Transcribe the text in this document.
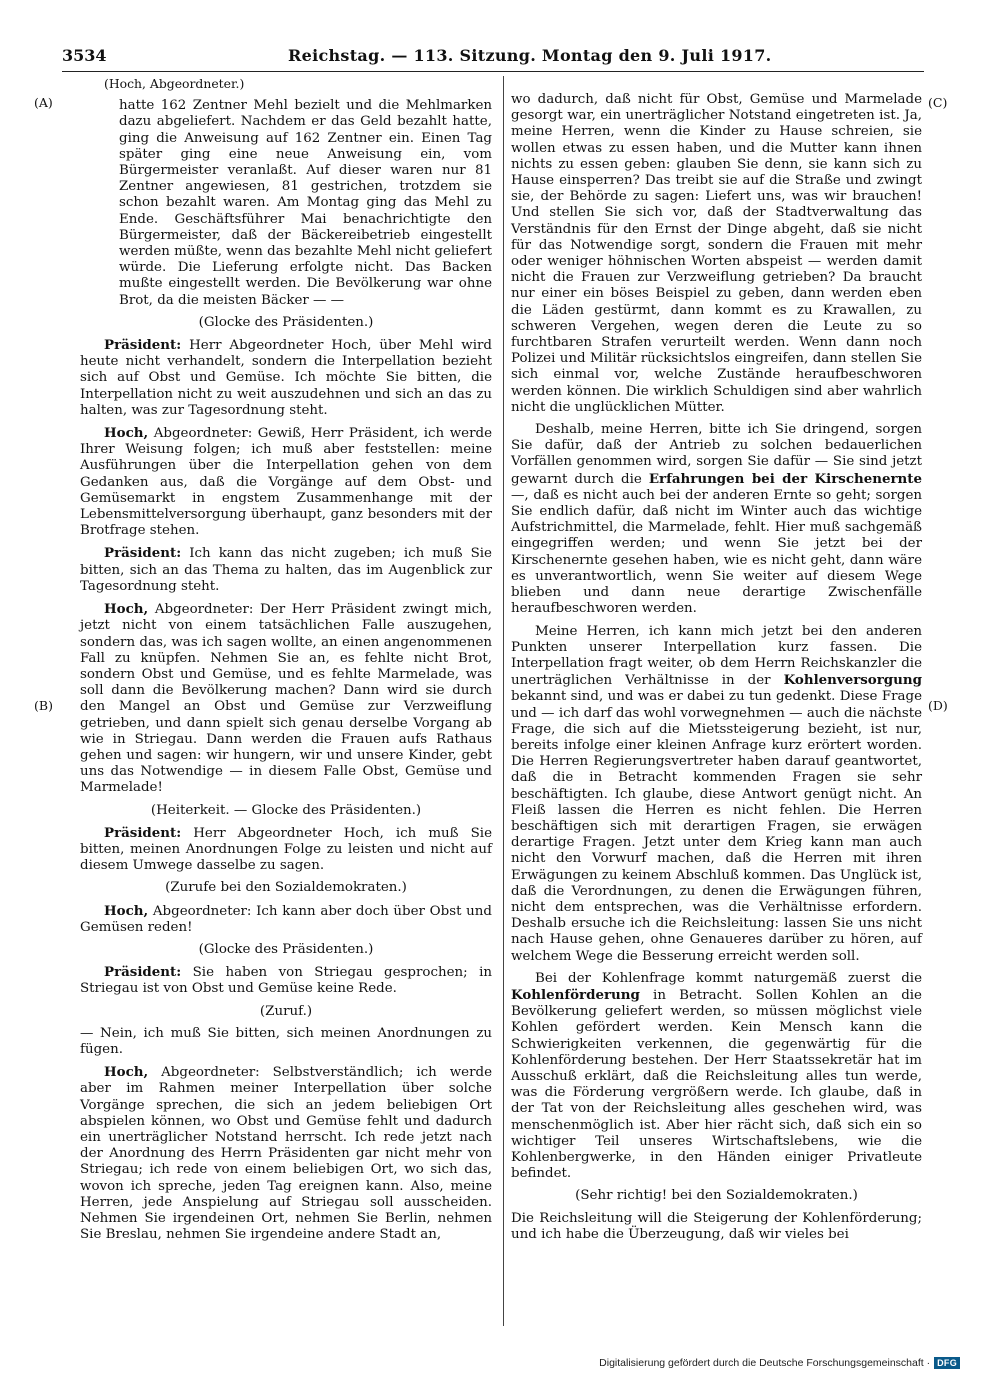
3534	Reichstag. — 113. Sitzung. Montag den 9. Juli 1917.
(A)
(B)
(C)
(D)

(Hoch, Abgeordneter.)

hatte 162 Zentner Mehl bezielt und die Mehlmarken dazu abgeliefert. Nachdem er das Geld bezahlt hatte, ging die Anweisung auf 162 Zentner ein. Einen Tag später ging eine neue Anweisung ein, vom Bürgermeister veranlaßt. Auf dieser waren nur 81 Zentner angewiesen, 81 gestrichen, trotzdem sie schon bezahlt waren. Am Montag ging das Mehl zu Ende. Geschäftsführer Mai benachrichtigte den Bürgermeister, daß der Bäckereibetrieb eingestellt werden müßte, wenn das bezahlte Mehl nicht geliefert würde. Die Lieferung erfolgte nicht. Das Backen mußte eingestellt werden. Die Bevölkerung war ohne Brot, da die meisten Bäcker — —

(Glocke des Präsidenten.)

Präsident: Herr Abgeordneter Hoch, über Mehl wird heute nicht verhandelt, sondern die Interpellation bezieht sich auf Obst und Gemüse. Ich möchte Sie bitten, die Interpellation nicht zu weit auszudehnen und sich an das zu halten, was zur Tagesordnung steht.

Hoch, Abgeordneter: Gewiß, Herr Präsident, ich werde Ihrer Weisung folgen; ich muß aber feststellen: meine Ausführungen über die Interpellation gehen von dem Gedanken aus, daß die Vorgänge auf dem Obst- und Gemüsemarkt in engstem Zusammenhange mit der Lebensmittelversorgung überhaupt, ganz besonders mit der Brotfrage stehen.

Präsident: Ich kann das nicht zugeben; ich muß Sie bitten, sich an das Thema zu halten, das im Augenblick zur Tagesordnung steht.

Hoch, Abgeordneter: Der Herr Präsident zwingt mich, jetzt nicht von einem tatsächlichen Falle auszugehen, sondern das, was ich sagen wollte, an einen angenommenen Fall zu knüpfen. Nehmen Sie an, es fehlte nicht Brot, sondern Obst und Gemüse, und es fehlte Marmelade, was soll dann die Bevölkerung machen? Dann wird sie durch den Mangel an Obst und Gemüse zur Verzweiflung getrieben, und dann spielt sich genau derselbe Vorgang ab wie in Striegau. Dann werden die Frauen aufs Rathaus gehen und sagen: wir hungern, wir und unsere Kinder, gebt uns das Notwendige — in diesem Falle Obst, Gemüse und Marmelade!

(Heiterkeit. — Glocke des Präsidenten.)

Präsident: Herr Abgeordneter Hoch, ich muß Sie bitten, meinen Anordnungen Folge zu leisten und nicht auf diesem Umwege dasselbe zu sagen.

(Zurufe bei den Sozialdemokraten.)

Hoch, Abgeordneter: Ich kann aber doch über Obst und Gemüsen reden!

(Glocke des Präsidenten.)

Präsident: Sie haben von Striegau gesprochen; in Striegau ist von Obst und Gemüse keine Rede.

(Zuruf.)

— Nein, ich muß Sie bitten, sich meinen Anordnungen zu fügen.

Hoch, Abgeordneter: Selbstverständlich; ich werde aber im Rahmen meiner Interpellation über solche Vorgänge sprechen, die sich an jedem beliebigen Ort abspielen können, wo Obst und Gemüse fehlt und dadurch ein unerträglicher Notstand herrscht. Ich rede jetzt nach der Anordnung des Herrn Präsidenten gar nicht mehr von Striegau; ich rede von einem beliebigen Ort, wo sich das, wovon ich spreche, jeden Tag ereignen kann. Also, meine Herren, jede Anspielung auf Striegau soll ausscheiden. Nehmen Sie irgendeinen Ort, nehmen Sie Berlin, nehmen Sie Breslau, nehmen Sie irgendeine andere Stadt an,

wo dadurch, daß nicht für Obst, Gemüse und Marmelade gesorgt war, ein unerträglicher Notstand eingetreten ist. Ja, meine Herren, wenn die Kinder zu Hause schreien, sie wollen etwas zu essen haben, und die Mutter kann ihnen nichts zu essen geben: glauben Sie denn, sie kann sich zu Hause einsperren? Das treibt sie auf die Straße und zwingt sie, der Behörde zu sagen: Liefert uns, was wir brauchen! Und stellen Sie sich vor, daß der Stadtverwaltung das Verständnis für den Ernst der Dinge abgeht, daß sie nicht für das Notwendige sorgt, sondern die Frauen mit mehr oder weniger höhnischen Worten abspeist — werden damit nicht die Frauen zur Verzweiflung getrieben? Da braucht nur einer ein böses Beispiel zu geben, dann werden eben die Läden gestürmt, dann kommt es zu Krawallen, zu schweren Vergehen, wegen deren die Leute zu so furchtbaren Strafen verurteilt werden. Wenn dann noch Polizei und Militär rücksichtslos eingreifen, dann stellen Sie sich einmal vor, welche Zustände heraufbeschworen werden können. Die wirklich Schuldigen sind aber wahrlich nicht die unglücklichen Mütter.

Deshalb, meine Herren, bitte ich Sie dringend, sorgen Sie dafür, daß der Antrieb zu solchen bedauerlichen Vorfällen genommen wird, sorgen Sie dafür — Sie sind jetzt gewarnt durch die Erfahrungen bei der Kirschenernte —, daß es nicht auch bei der anderen Ernte so geht; sorgen Sie endlich dafür, daß nicht im Winter auch das wichtige Aufstrichmittel, die Marmelade, fehlt. Hier muß sachgemäß eingegriffen werden; und wenn Sie jetzt bei der Kirschenernte gesehen haben, wie es nicht geht, dann wäre es unverantwortlich, wenn Sie weiter auf diesem Wege blieben und dann neue derartige Zwischenfälle heraufbeschworen werden.

Meine Herren, ich kann mich jetzt bei den anderen Punkten unserer Interpellation kurz fassen. Die Interpellation fragt weiter, ob dem Herrn Reichskanzler die unerträglichen Verhältnisse in der Kohlenversorgung bekannt sind, und was er dabei zu tun gedenkt. Diese Frage und — ich darf das wohl vorwegnehmen — auch die nächste Frage, die sich auf die Mietssteigerung bezieht, ist nur, bereits infolge einer kleinen Anfrage kurz erörtert worden. Die Herren Regierungsvertreter haben darauf geantwortet, daß die in Betracht kommenden Fragen sie sehr beschäftigten. Ich glaube, diese Antwort genügt nicht. An Fleiß lassen die Herren es nicht fehlen. Die Herren beschäftigen sich mit derartigen Fragen, sie erwägen derartige Fragen. Jetzt unter dem Krieg kann man auch nicht den Vorwurf machen, daß die Herren mit ihren Erwägungen zu keinem Abschluß kommen. Das Unglück ist, daß die Verordnungen, zu denen die Erwägungen führen, nicht dem entsprechen, was die Verhältnisse erfordern. Deshalb ersuche ich die Reichsleitung: lassen Sie uns nicht nach Hause gehen, ohne Genaueres darüber zu hören, auf welchem Wege die Besserung erreicht werden soll.

Bei der Kohlenfrage kommt naturgemäß zuerst die Kohlenförderung in Betracht. Sollen Kohlen an die Bevölkerung geliefert werden, so müssen möglichst viele Kohlen gefördert werden. Kein Mensch kann die Schwierigkeiten verkennen, die gegenwärtig für die Kohlenförderung bestehen. Der Herr Staatssekretär hat im Ausschuß erklärt, daß die Reichsleitung alles tun werde, was die Förderung vergrößern werde. Ich glaube, daß in der Tat von der Reichsleitung alles geschehen wird, was menschenmöglich ist. Aber hier rächt sich, daß sich ein so wichtiger Teil unseres Wirtschaftslebens, wie die Kohlenbergwerke, in den Händen einiger Privatleute befindet.

(Sehr richtig! bei den Sozialdemokraten.)

Die Reichsleitung will die Steigerung der Kohlenförderung; und ich habe die Überzeugung, daß wir vieles bei

Digitalisierung gefördert durch die Deutsche Forschungsgemeinschaft · DFG
